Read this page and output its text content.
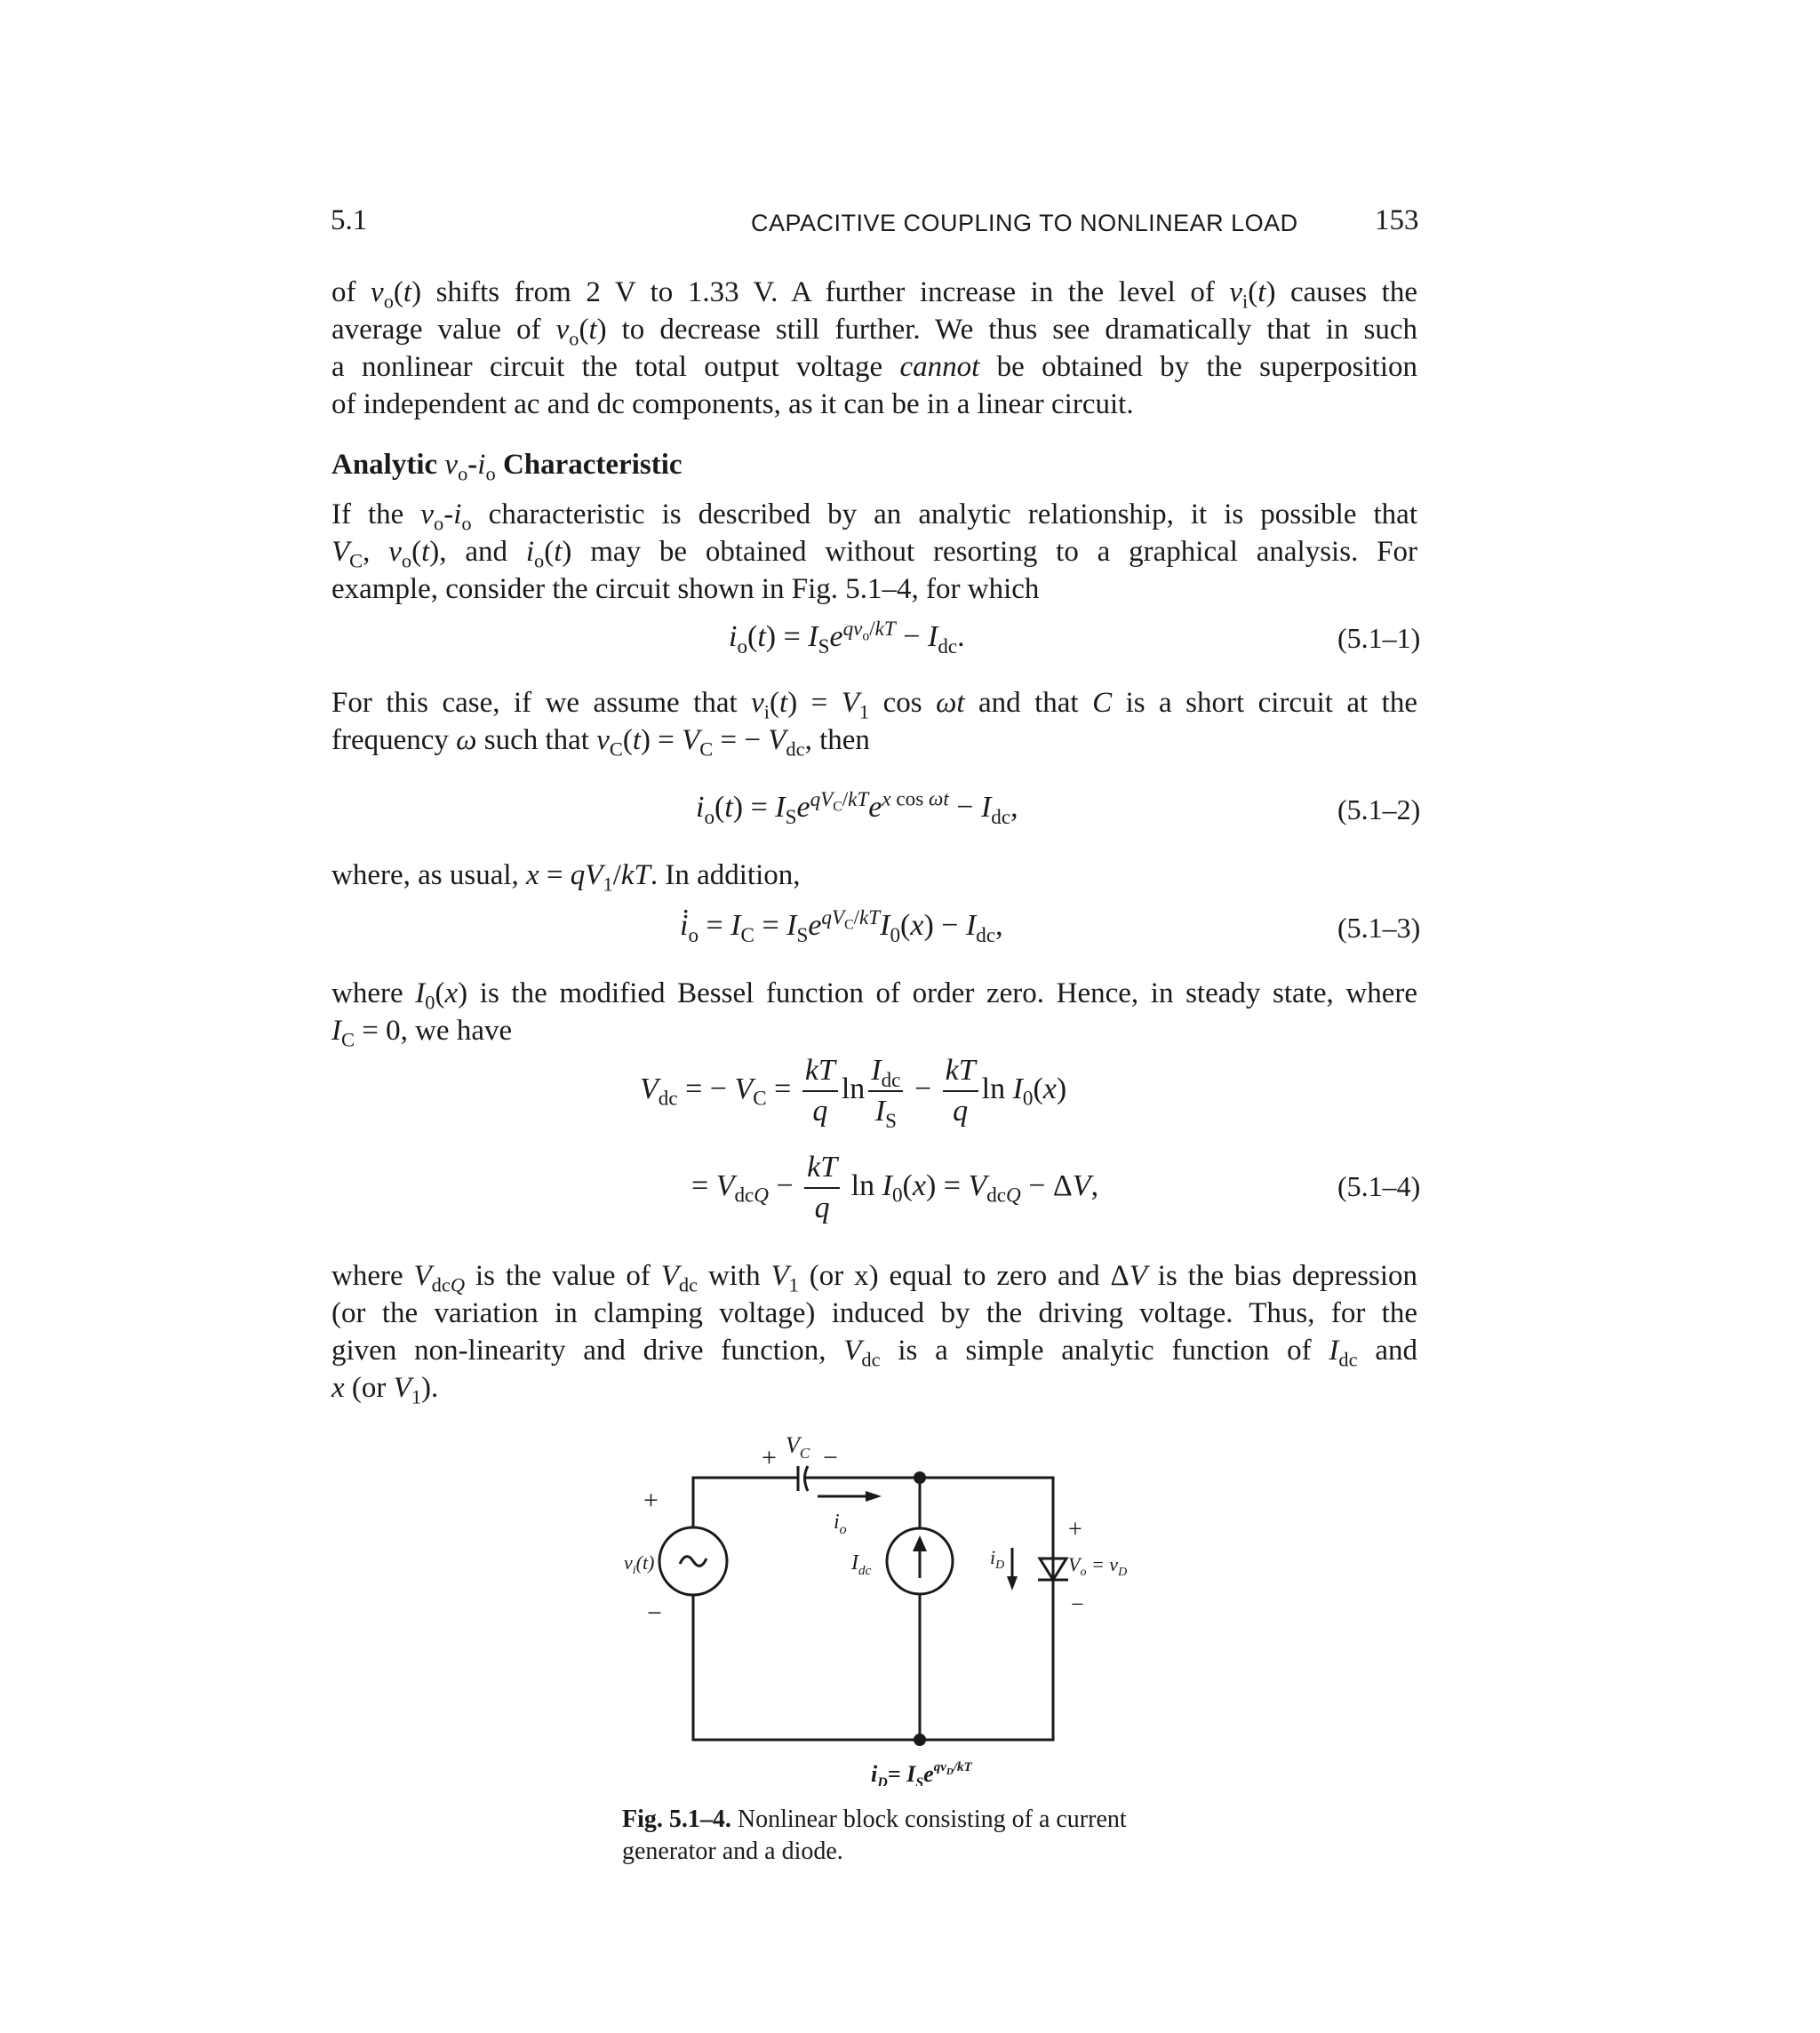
5.1	CAPACITIVE COUPLING TO NONLINEAR LOAD	153

of $v_o(t)$ shifts from 2 V to 1.33 V. A further increase in the level of $v_i(t)$ causes the

average value of $v_o(t)$ to decrease still further. We thus see dramatically that in such

a nonlinear circuit the total output voltage cannot be obtained by the superposition

of independent ac and dc components, as it can be in a linear circuit.

Analytic $v_o-i_o$ Characteristic

If the $v_o-i_o$ characteristic is described by an analytic relationship, it is possible that

$V_C$, $v_o(t)$, and $i_o(t)$ may be obtained without resorting to a graphical analysis. For

example, consider the circuit shown in Fig. 5.1–4, for which

$i_o(t) = I_Se^{qv_o/kT} - I_{dc}$.	(5.1–1)

For this case, if we assume that $v_i(t) = V_1$ cos ωt and that C is a short circuit at the

frequency ω such that $v_C(t) = V_C$ = − $V_{dc}$, then

$i_o(t) = I_Se^{qV_C/kT}e^{x cos \omega t} - I_{dc}$,	(5.1–2)

where, as usual, $x = qV_1/kT$. In addition,

$i̇_o = I_C = I_Se^{qV_C/kT}I_0(x) - I_{dc}$,	(5.1–3)

where $I_0(x)$ is the modified Bessel function of order zero. Hence, in steady state, where

$I_C = 0$, we have

$V_{dc}$ = − $V_C = \frac{kT}{q}$ $\ln \frac{I_{dc}}{I_S} - \frac{kT}{q}$ $\ln I_0(x)$
= $V_{dcQ} - \frac{kT}{q}$ $\ln I_0(x) = V_{dcQ} - \Delta V$,	(5.1–4)

where $V_{dcQ}$ is the value of $V_{dc}$ with $V_1$ (or x) equal to zero and ΔV is the bias depression

(or the variation in clamping voltage) induced by the driving voltage. Thus, for the

given non-linearity and drive function, $V_{dc}$ is a simple analytic function of $I_{dc}$ and

x (or $V_1$).

+ $V_C$ −
$i_o$
+
−
$v_i(t)$	$I_{dc}$
$i_D$
+
$V_o = v_D$
−
$i_D= I_Se^{qv}D/kT$
Fig. 5.1–4. Nonlinear block consisting of a current generator and a diode.
